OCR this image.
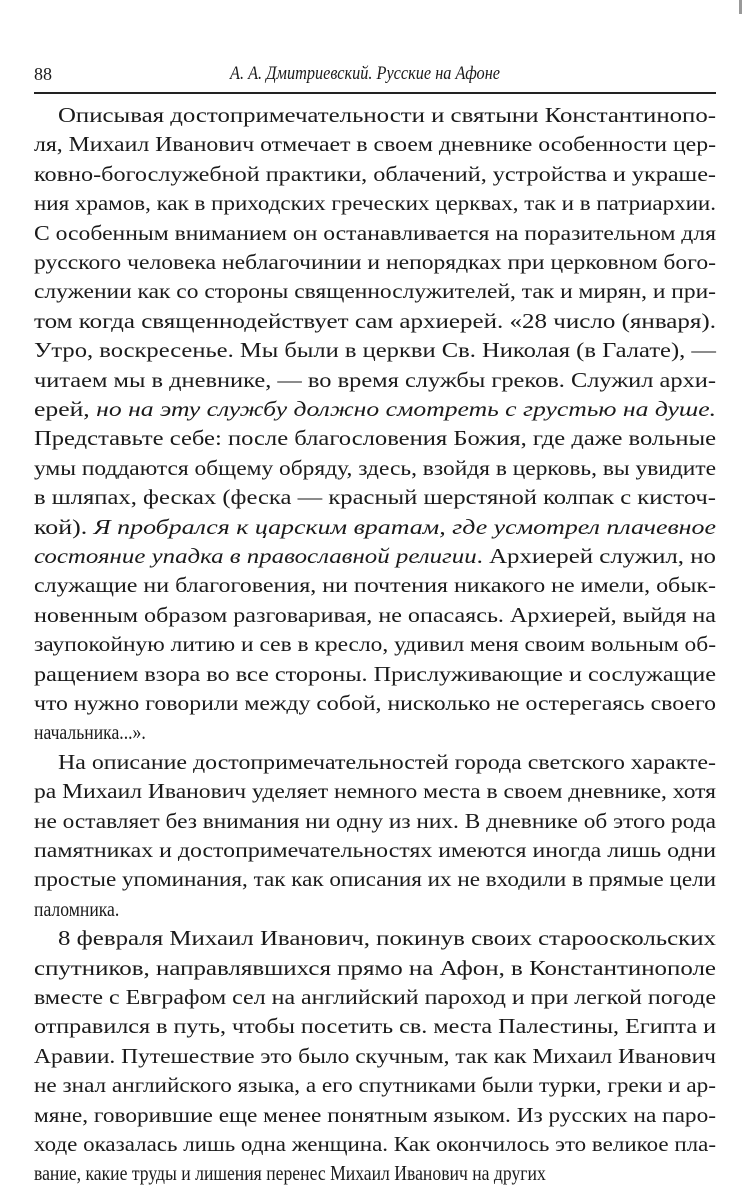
88	А. А. Дмитриевский. Русские на Афоне
Описывая достопримечательности и святыни Константинопо-
ля, Михаил Иванович отмечает в своем дневнике особенности цер-
ковно-богослужебной практики, облачений, устройства и украше-
ния храмов, как в приходских греческих церквах, так и в патриархии.
С особенным вниманием он останавливается на поразительном для
русского человека неблагочинии и непорядках при церковном бого-
служении как со стороны священнослужителей, так и мирян, и при-
том когда священнодействует сам архиерей. «28 число (января).
Утро, воскресенье. Мы были в церкви Св. Николая (в Галате), —
читаем мы в дневнике, — во время службы греков. Служил архи-
ерей, но на эту службу должно смотреть с грустью на душе.
Представьте себе: после благословения Божия, где даже вольные
умы поддаются общему обряду, здесь, взойдя в церковь, вы увидите
в шляпах, фесках (феска — красный шерстяной колпак с кисточ-
кой). Я пробрался к царским вратам, где усмотрел плачевное
состояние упадка в православной религии. Архиерей служил, но
служащие ни благоговения, ни почтения никакого не имели, обык-
новенным образом разговаривая, не опасаясь. Архиерей, выйдя на
заупокойную литию и сев в кресло, удивил меня своим вольным об-
ращением взора во все стороны. Прислуживающие и сослужащие
что нужно говорили между собой, нисколько не остерегаясь своего
начальника...».
На описание достопримечательностей города светского характе-
ра Михаил Иванович уделяет немного места в своем дневнике, хотя
не оставляет без внимания ни одну из них. В дневнике об этого рода
памятниках и достопримечательностях имеются иногда лишь одни
простые упоминания, так как описания их не входили в прямые цели
паломника.
8 февраля Михаил Иванович, покинув своих старооскольских
спутников, направлявшихся прямо на Афон, в Константинополе
вместе с Евграфом сел на английский пароход и при легкой погоде
отправился в путь, чтобы посетить св. места Палестины, Египта и
Аравии. Путешествие это было скучным, так как Михаил Иванович
не знал английского языка, а его спутниками были турки, греки и ар-
мяне, говорившие еще менее понятным языком. Из русских на паро-
ходе оказалась лишь одна женщина. Как окончилось это великое пла-
вание, какие труды и лишения перенес Михаил Иванович на других
